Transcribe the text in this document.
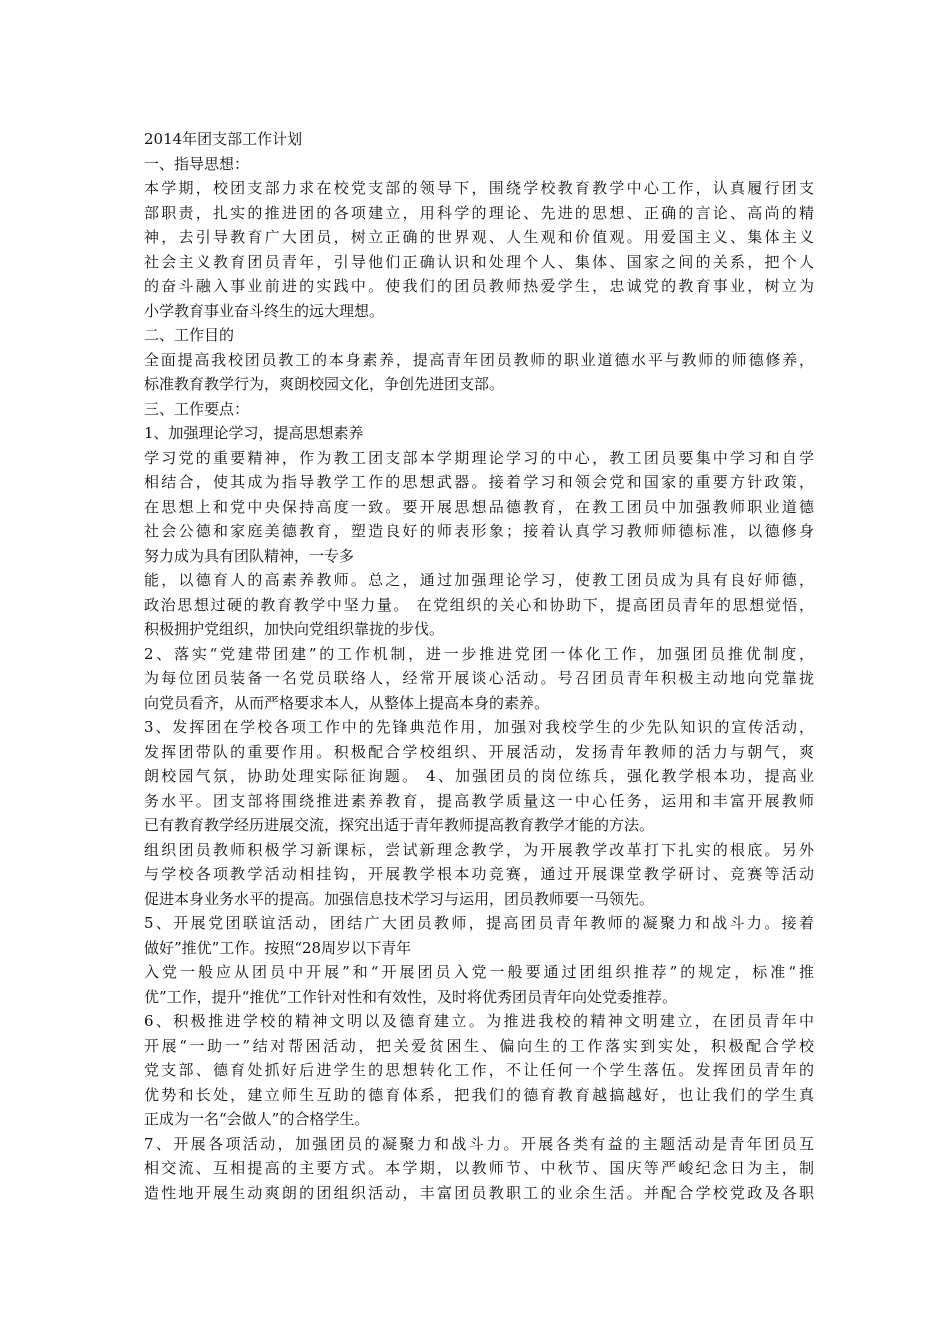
2014年团支部工作计划
一、指导思想：
本学期，校团支部力求在校党支部的领导下，围绕学校教育教学中心工作，认真履行团支
部职责，扎实的推进团的各项建立，用科学的理论、先进的思想、正确的言论、高尚的精
神，去引导教育广大团员，树立正确的世界观、人生观和价值观。用爱国主义、集体主义
社会主义教育团员青年，引导他们正确认识和处理个人、集体、国家之间的关系，把个人
的奋斗融入事业前进的实践中。使我们的团员教师热爱学生，忠诚党的教育事业，树立为
小学教育事业奋斗终生的远大理想。
二、工作目的
全面提高我校团员教工的本身素养，提高青年团员教师的职业道德水平与教师的师德修养，
标准教育教学行为，爽朗校园文化，争创先进团支部。
三、工作要点：
1、加强理论学习，提高思想素养
学习党的重要精神，作为教工团支部本学期理论学习的中心，教工团员要集中学习和自学
相结合，使其成为指导教学工作的思想武器。接着学习和领会党和国家的重要方针政策，
在思想上和党中央保持高度一致。要开展思想品德教育，在教工团员中加强教师职业道德
社会公德和家庭美德教育，塑造良好的师表形象；接着认真学习教师师德标准，以德修身
努力成为具有团队精神，一专多
能，以德育人的高素养教师。总之，通过加强理论学习，使教工团员成为具有良好师德，
政治思想过硬的教育教学中坚力量。 在党组织的关心和协助下，提高团员青年的思想觉悟，
积极拥护党组织，加快向党组织靠拢的步伐。
2、落实“党建带团建”的工作机制，进一步推进党团一体化工作，加强团员推优制度，
为每位团员装备一名党员联络人，经常开展谈心活动。号召团员青年积极主动地向党靠拢
向党员看齐，从而严格要求本人，从整体上提高本身的素养。
3、发挥团在学校各项工作中的先锋典范作用，加强对我校学生的少先队知识的宣传活动，
发挥团带队的重要作用。积极配合学校组织、开展活动，发扬青年教师的活力与朝气，爽
朗校园气氛，协助处理实际征询题。 4、加强团员的岗位练兵，强化教学根本功，提高业
务水平。团支部将围绕推进素养教育，提高教学质量这一中心任务，运用和丰富开展教师
已有教育教学经历进展交流，探究出适于青年教师提高教育教学才能的方法。
组织团员教师积极学习新课标，尝试新理念教学，为开展教学改革打下扎实的根底。另外
与学校各项教学活动相挂钩，开展教学根本功竞赛，通过开展课堂教学研讨、竞赛等活动
促进本身业务水平的提高。加强信息技术学习与运用，团员教师要一马领先。
5、开展党团联谊活动，团结广大团员教师，提高团员青年教师的凝聚力和战斗力。接着
做好”推优”工作。按照“28周岁以下青年
入党一般应从团员中开展”和“开展团员入党一般要通过团组织推荐”的规定，标准“推
优”工作，提升“推优”工作针对性和有效性，及时将优秀团员青年向处党委推荐。
6、积极推进学校的精神文明以及德育建立。为推进我校的精神文明建立，在团员青年中
开展“一助一”结对帮困活动，把关爱贫困生、偏向生的工作落实到实处，积极配合学校
党支部、德育处抓好后进学生的思想转化工作，不让任何一个学生落伍。发挥团员青年的
优势和长处，建立师生互助的德育体系，把我们的德育教育越搞越好，也让我们的学生真
正成为一名“会做人”的合格学生。
7、开展各项活动，加强团员的凝聚力和战斗力。开展各类有益的主题活动是青年团员互
相交流、互相提高的主要方式。本学期，以教师节、中秋节、国庆等严峻纪念日为主，制
造性地开展生动爽朗的团组织活动，丰富团员教职工的业余生活。并配合学校党政及各职
